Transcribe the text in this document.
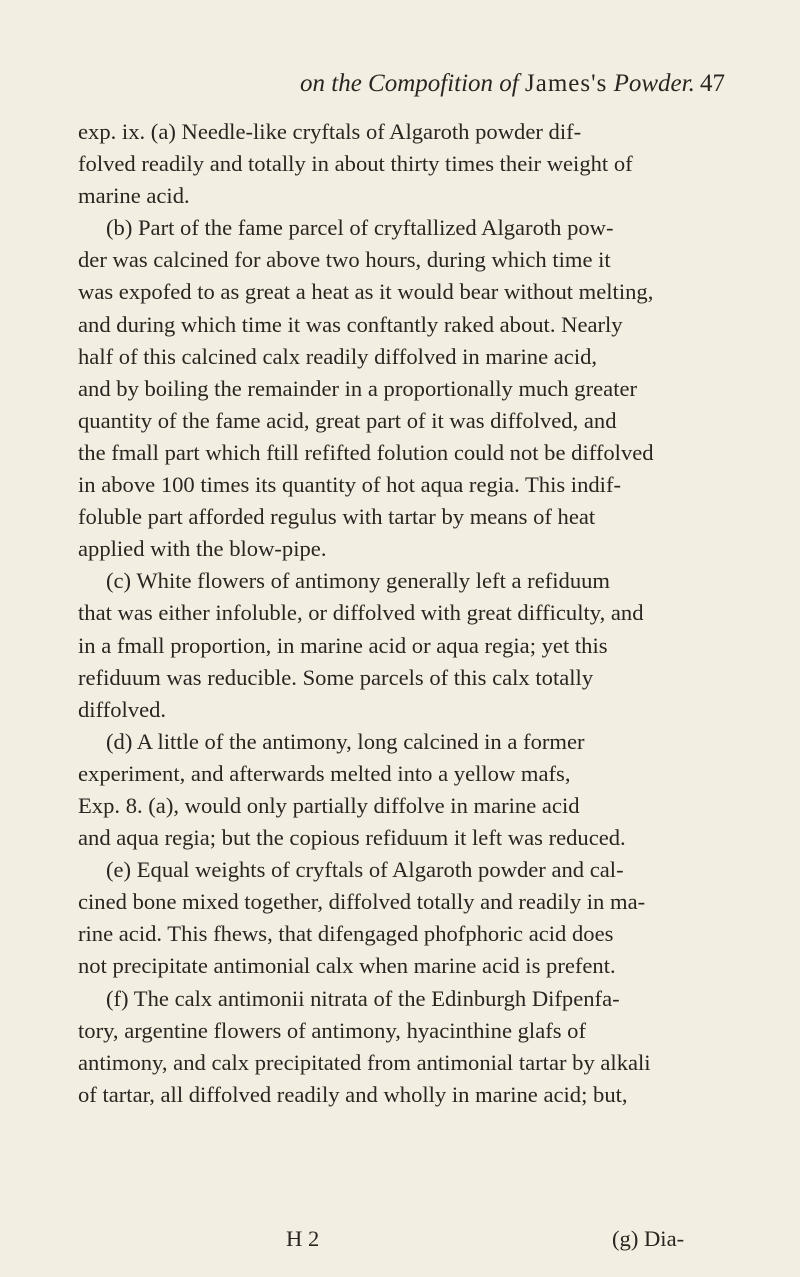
on the Compofition of James's Powder. 47
exp. ix. (a) Needle-like cryftals of Algaroth powder dif-
folved readily and totally in about thirty times their weight of
marine acid.
(b) Part of the fame parcel of cryftallized Algaroth pow-
der was calcined for above two hours, during which time it
was expofed to as great a heat as it would bear without melting,
and during which time it was conftantly raked about. Nearly
half of this calcined calx readily diffolved in marine acid,
and by boiling the remainder in a proportionally much greater
quantity of the fame acid, great part of it was diffolved, and
the fmall part which ftill refifted folution could not be diffolved
in above 100 times its quantity of hot aqua regia. This indif-
foluble part afforded regulus with tartar by means of heat
applied with the blow-pipe.
(c) White flowers of antimony generally left a refiduum
that was either infoluble, or diffolved with great difficulty, and
in a fmall proportion, in marine acid or aqua regia; yet this
refiduum was reducible. Some parcels of this calx totally
diffolved.
(d) A little of the antimony, long calcined in a former
experiment, and afterwards melted into a yellow mafs,
Exp. 8. (a), would only partially diffolve in marine acid
and aqua regia; but the copious refiduum it left was reduced.
(e) Equal weights of cryftals of Algaroth powder and cal-
cined bone mixed together, diffolved totally and readily in ma-
rine acid. This fhews, that difengaged phofphoric acid does
not precipitate antimonial calx when marine acid is prefent.
(f) The calx antimonii nitrata of the Edinburgh Difpenfa-
tory, argentine flowers of antimony, hyacinthine glafs of
antimony, and calx precipitated from antimonial tartar by alkali
of tartar, all diffolved readily and wholly in marine acid; but,
H 2	(g) Dia-
